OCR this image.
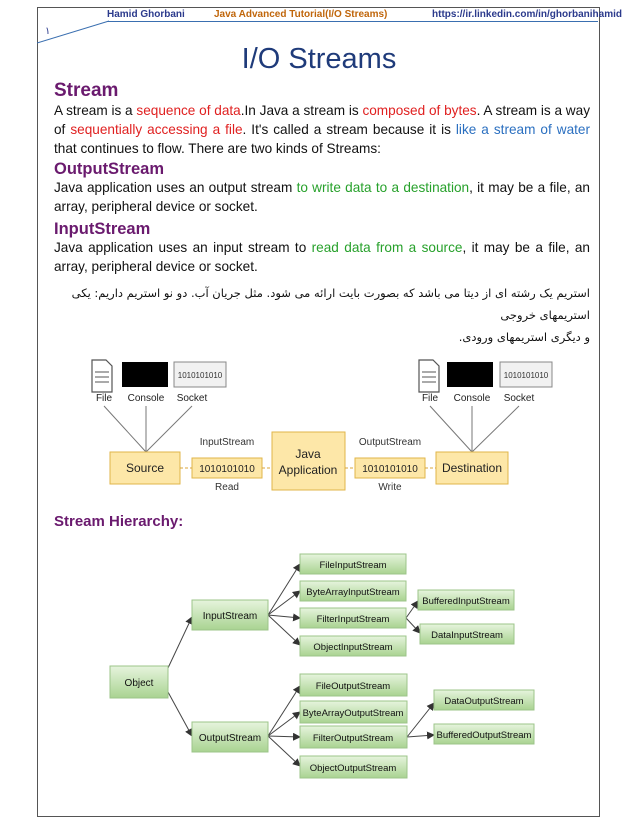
Hamid Ghorbani	Java Advanced Tutorial(I/O Streams)	https://ir.linkedin.com/in/ghorbanihamid
١
I/O Streams
Stream

A stream is a sequence of data.In Java a stream is composed of bytes. A stream is a way of sequentially accessing a file. It's called a stream because it is like a stream of water that continues to flow. There are two kinds of Streams:

OutputStream

Java application uses an output stream to write data to a destination, it may be a file, an array, peripheral device or socket.

InputStream

Java application uses an input stream to read data from a source, it may be a file, an array, peripheral device or socket.

استریم یک رشته ای از دیتا می باشد که بصورت بایت ارائه می شود. مثل جریان آب. دو نو استریم داریم: یکی استریمهای خروجی
و دیگری استریمهای ورودی.

1010101010
File Console Socket
1010101010
File Console Socket
Source	1010101010
InputStream
Read
Java
Application 1010101010
OutputStream
Write
Destination
Stream Hierarchy:
Object
InputStream
OutputStream
FileInputStream
ByteArrayInputStream
FilterInputStream
ObjectInputStream
BufferedInputStream
DataInputStream
FileOutputStream
ByteArrayOutputStream
FilterOutputStream
ObjectOutputStream
DataOutputStream
BufferedOutputStream
